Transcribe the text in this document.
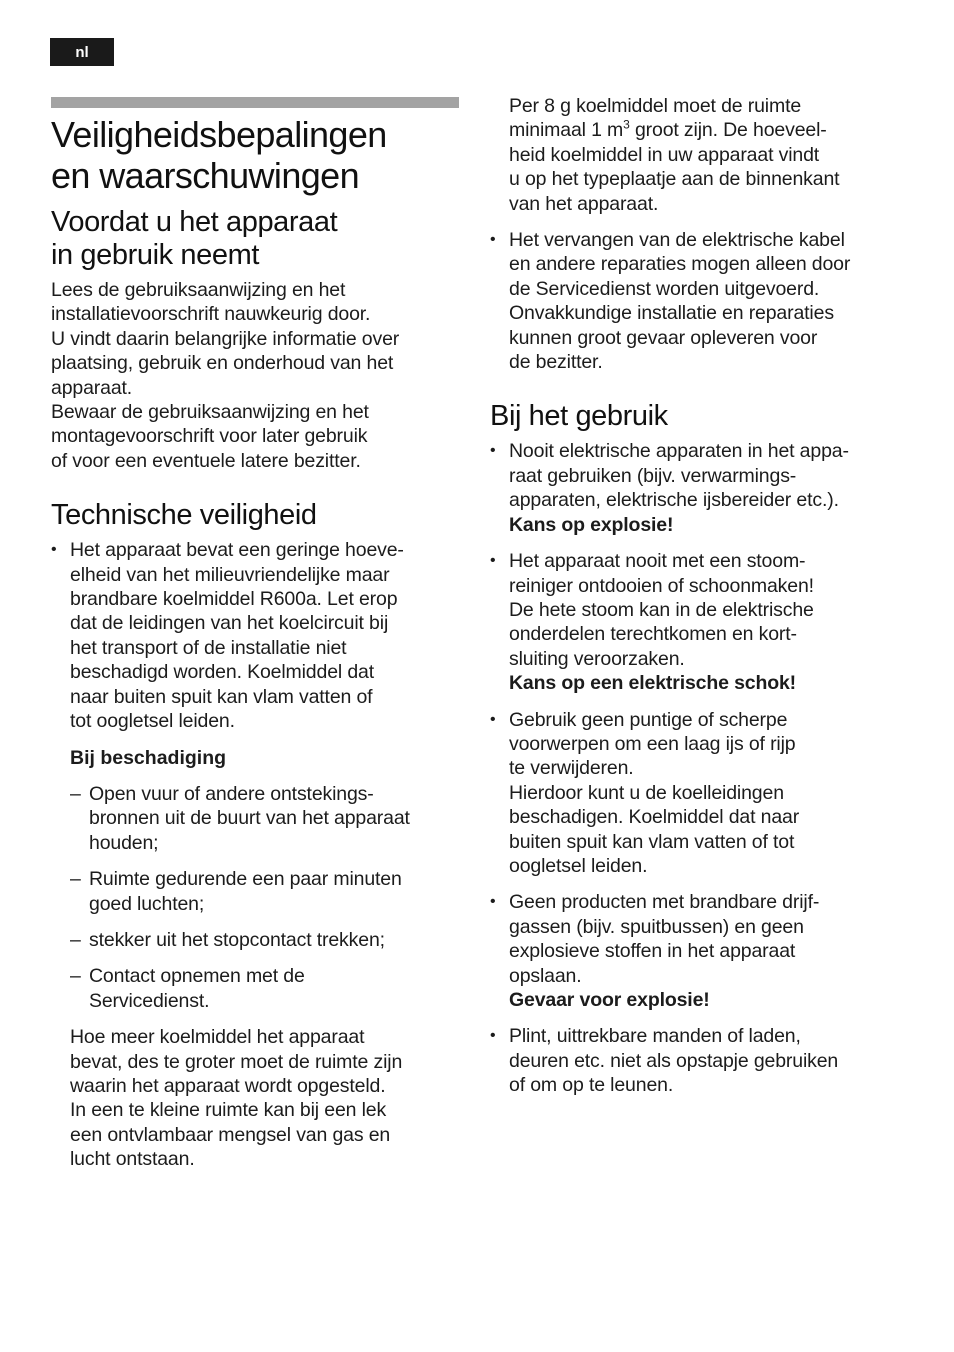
nl
Veiligheidsbepalingen
en waarschuwingen
Voordat u het apparaat
in gebruik neemt

Lees de gebruiksaanwijzing en het
installatievoorschrift nauwkeurig door.
U vindt daarin belangrijke informatie over
plaatsing, gebruik en onderhoud van het
apparaat.
Bewaar de gebruiksaanwijzing en het
montagevoorschrift voor later gebruik
of voor een eventuele latere bezitter.

Technische veiligheid
• Het apparaat bevat een geringe hoeve-
elheid van het milieuvriendelijke maar
brandbare koelmiddel R600a. Let erop
dat de leidingen van het koelcircuit bij
het transport of de installatie niet
beschadigd worden. Koelmiddel dat
naar buiten spuit kan vlam vatten of
tot oogletsel leiden.
Bij beschadiging
– Open vuur of andere ontstekings-
bronnen uit de buurt van het apparaat
houden;
– Ruimte gedurende een paar minuten
goed luchten;
– stekker uit het stopcontact trekken;
– Contact opnemen met de
Servicedienst.

Hoe meer koelmiddel het apparaat
bevat, des te groter moet de ruimte zijn
waarin het apparaat wordt opgesteld.
In een te kleine ruimte kan bij een lek
een ontvlambaar mengsel van gas en
lucht ontstaan.

Per 8 g koelmiddel moet de ruimte
minimaal 1 $m^3$ groot zijn. De hoeveel-
heid koelmiddel in uw apparaat vindt
u op het typeplaatje aan de binnenkant
van het apparaat.

• Het vervangen van de elektrische kabel
en andere reparaties mogen alleen door
de Servicedienst worden uitgevoerd.
Onvakkundige installatie en reparaties
kunnen groot gevaar opleveren voor
de bezitter.
Bij het gebruik
• Nooit elektrische apparaten in het appa-
raat gebruiken (bijv. verwarmings-
apparaten, elektrische ijsbereider etc.).
Kans op explosie!
• Het apparaat nooit met een stoom-
reiniger ontdooien of schoonmaken!
De hete stoom kan in de elektrische
onderdelen terechtkomen en kort-
sluiting veroorzaken.
Kans op een elektrische schok!
• Gebruik geen puntige of scherpe
voorwerpen om een laag ijs of rijp
te verwijderen.
Hierdoor kunt u de koelleidingen
beschadigen. Koelmiddel dat naar
buiten spuit kan vlam vatten of tot
oogletsel leiden.
• Geen producten met brandbare drijf-
gassen (bijv. spuitbussen) en geen
explosieve stoffen in het apparaat
opslaan.
Gevaar voor explosie!
• Plint, uittrekbare manden of laden,
deuren etc. niet als opstapje gebruiken
of om op te leunen.
